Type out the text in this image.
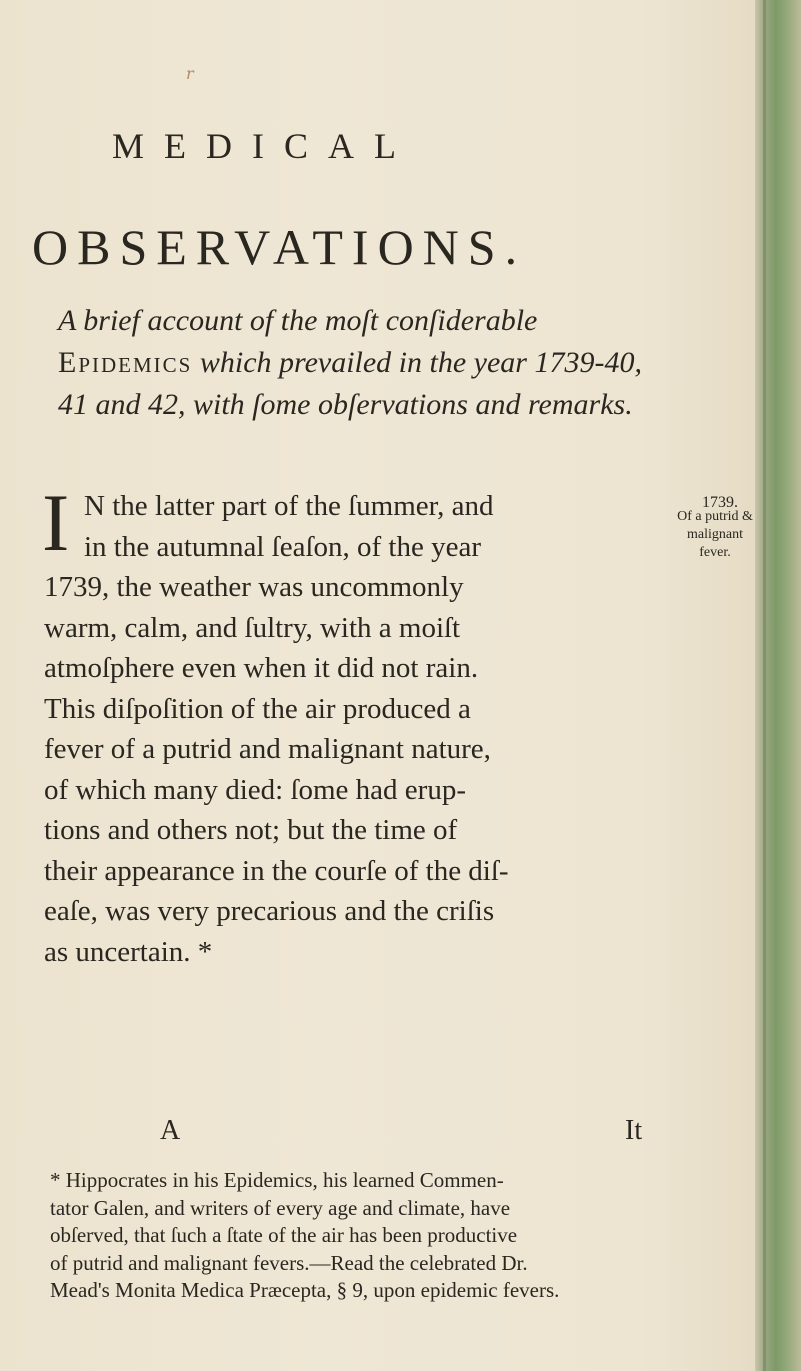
r
MEDICAL
OBSERVATIONS.
A brief account of the moſt conſiderable Epidemics which prevailed in the year 1739-40, 41 and 42, with ſome obſervations and remarks.
I N the latter part of the ſummer, and
in the autumnal ſeaſon, of the year
1739, the weather was uncommonly
warm, calm, and ſultry, with a moiſt
atmoſphere even when it did not rain.
This diſpoſition of the air produced a
fever of a putrid and malignant nature,
of which many died: ſome had erup-
tions and others not; but the time of
their appearance in the courſe of the diſ-
eaſe, was very precarious and the criſis
as uncertain. *
1739.
Of a putrid &
malignant fever.
A	It
* Hippocrates in his Epidemics, his learned Commen-
tator Galen, and writers of every age and climate, have
obſerved, that ſuch a ſtate of the air has been productive
of putrid and malignant fevers.—Read the celebrated Dr.
Mead's Monita Medica Præcepta, § 9, upon epidemic fevers.
